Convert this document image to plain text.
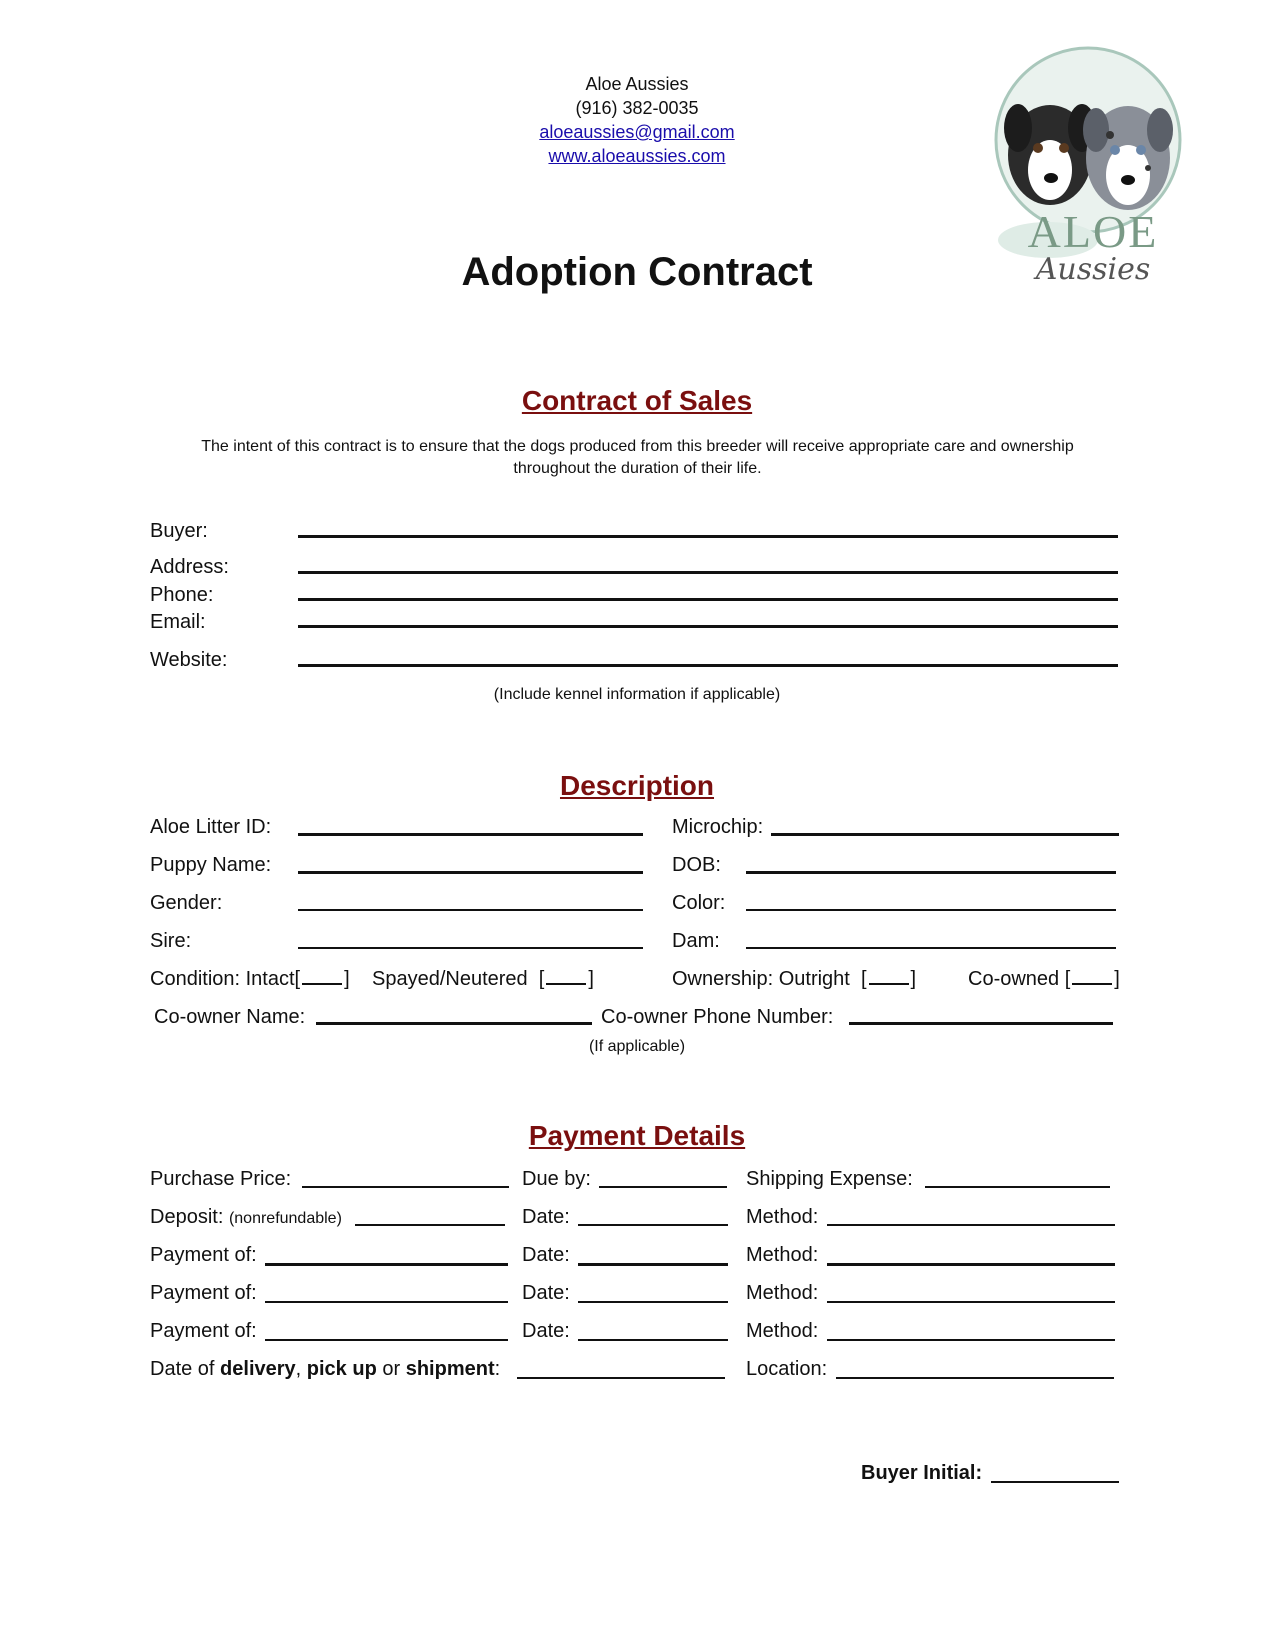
Aloe Aussies
(916) 382-0035
aloeaussies@gmail.com
www.aloeaussies.com
ALOE
Aussies
Adoption Contract
Contract of Sales
The intent of this contract is to ensure that the dogs produced from this breeder will receive appropriate care and ownership
throughout the duration of their life.
Buyer:
Address:
Phone:
Email:
Website:
(Include kennel information if applicable)
Description
Aloe Litter ID:	Microchip:
Puppy Name:	DOB:
Gender:	Color:
Sire:	Dam:
Condition: Intact[ ] Spayed/Neutered [ ]	Ownership: Outright [ ]	Co-owned [ ]
Co-owner Name:	Co-owner Phone Number:
(If applicable)
Payment Details
Purchase Price:	Due by:	Shipping Expense:
Deposit: (nonrefundable)	Date:	Method:
Payment of:	Date:	Method:
Payment of:	Date:	Method:
Payment of:	Date:	Method:
Date of delivery, pick up or shipment:	Location:
Buyer Initial:
